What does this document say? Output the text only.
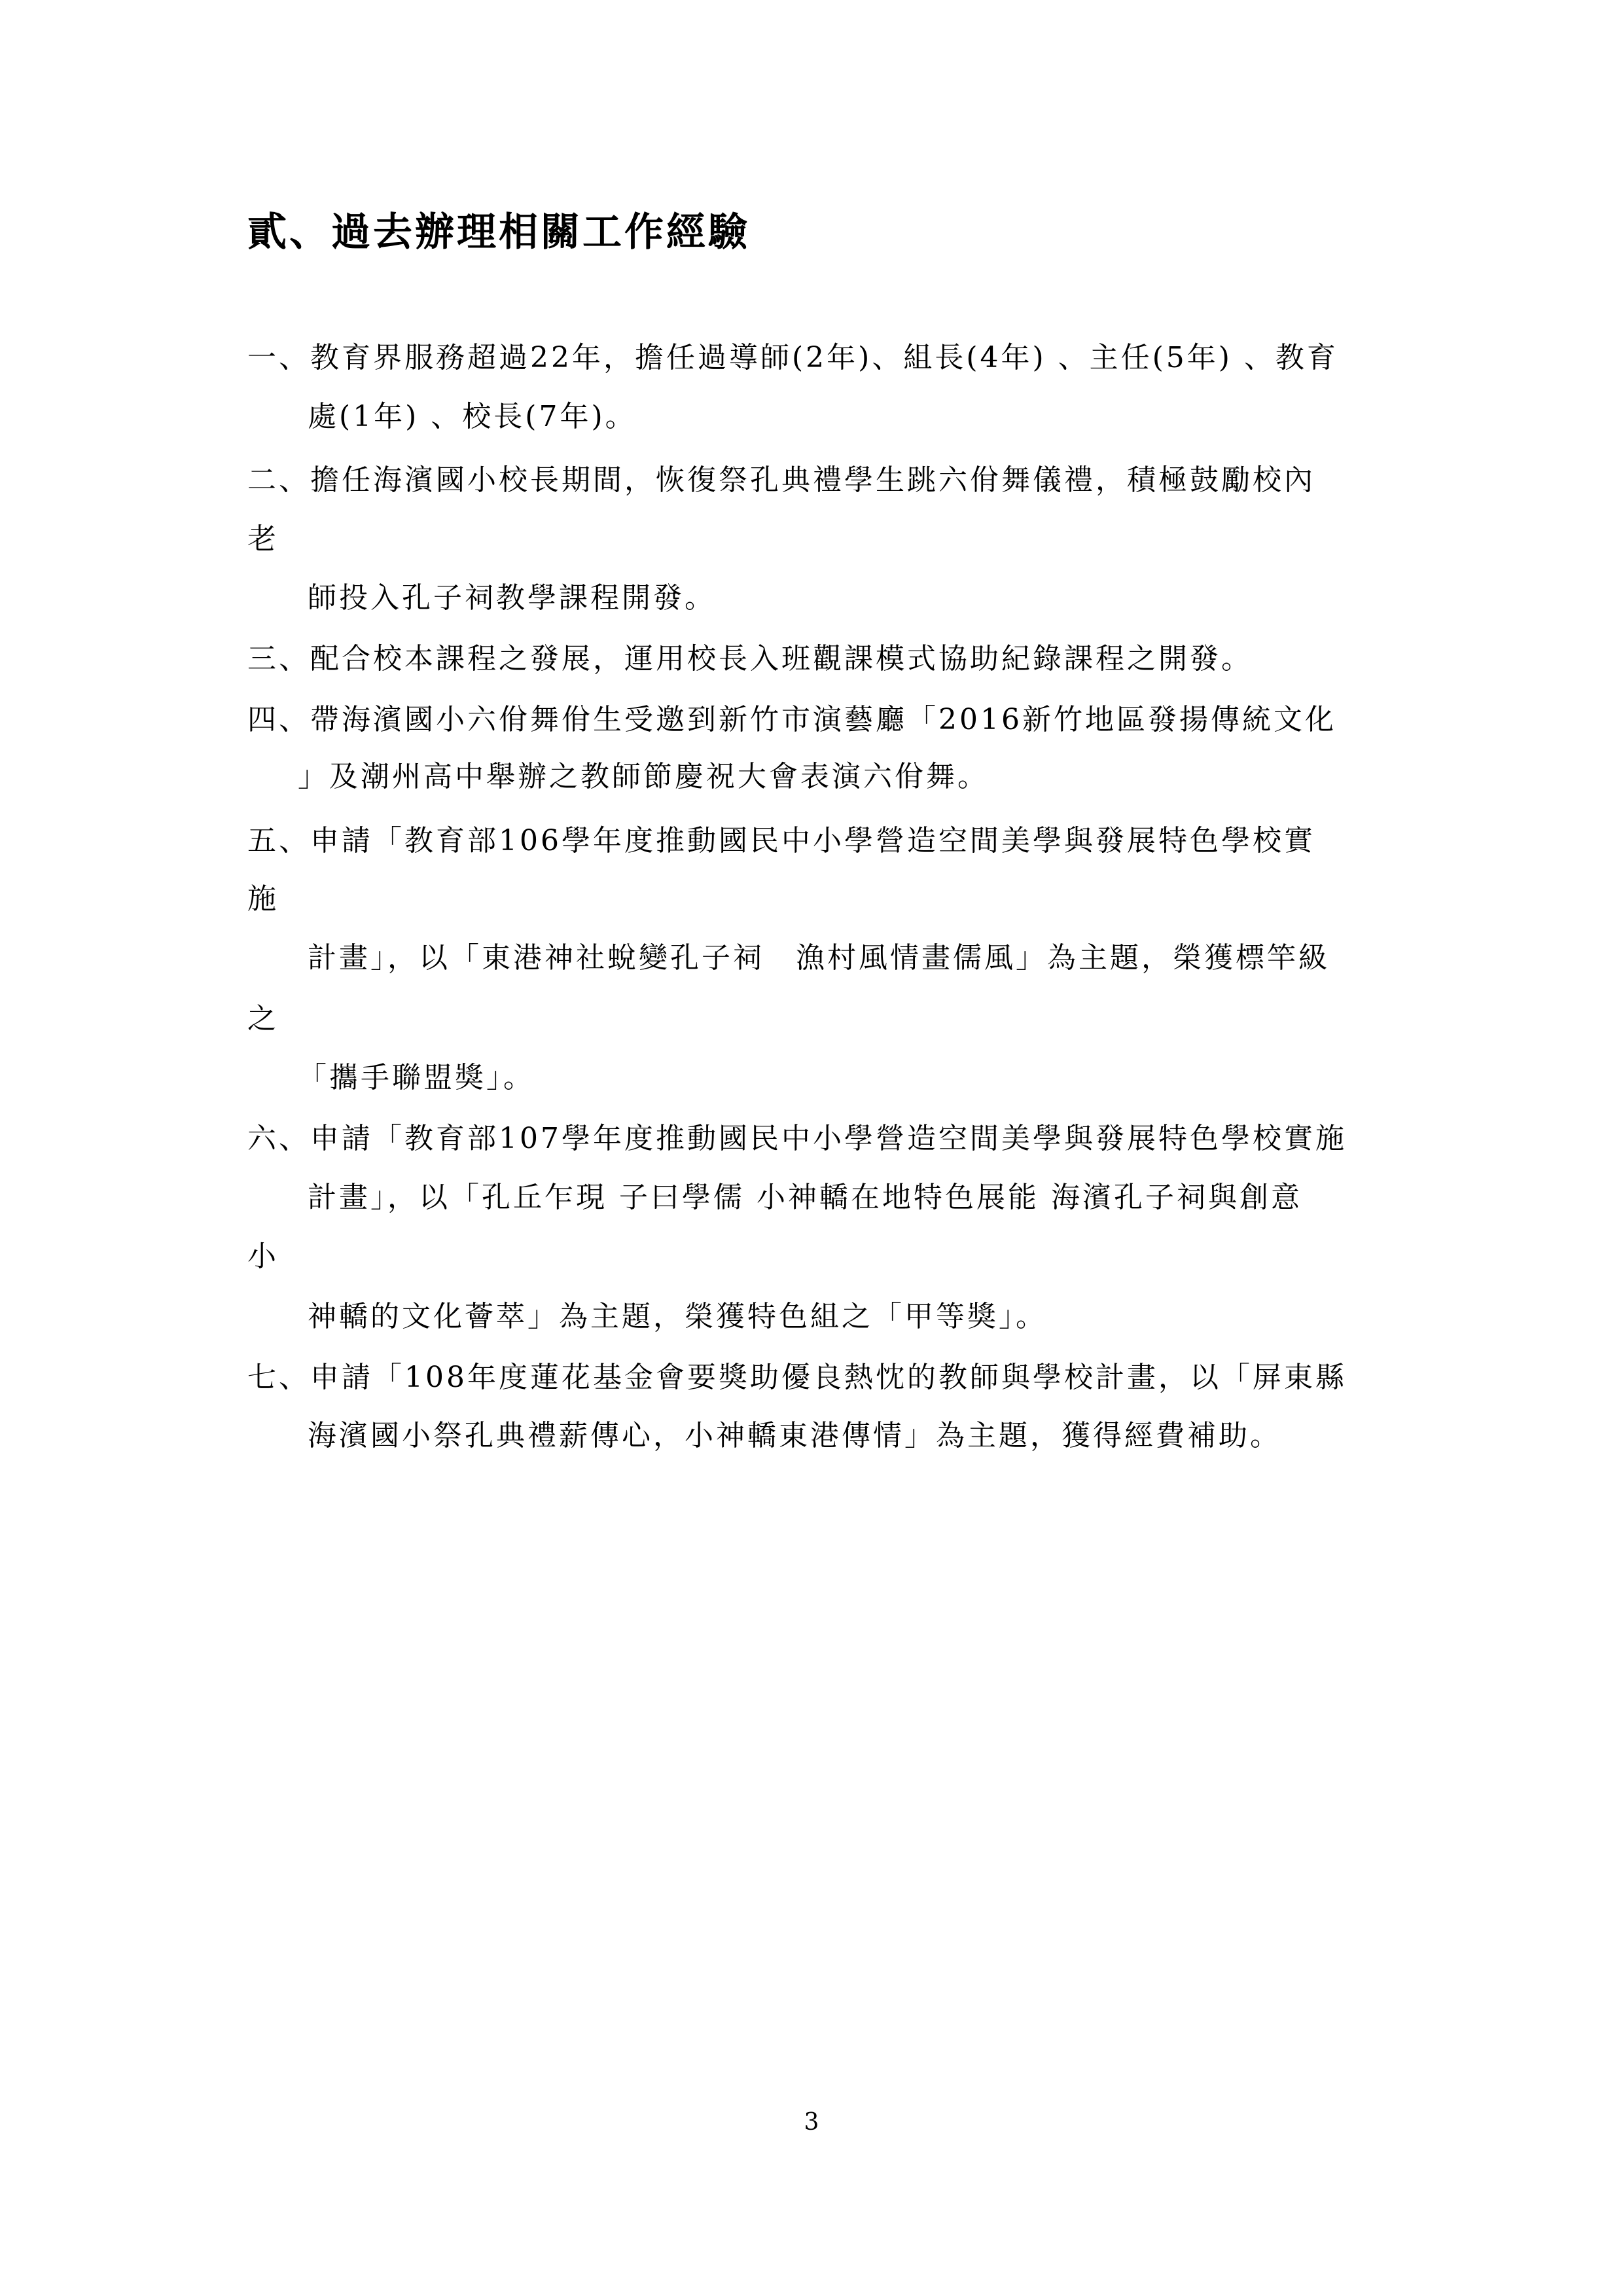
貳、過去辦理相關工作經驗
一、教育界服務超過22年，擔任過導師(2年)、組長(4年) 、主任(5年) 、教育
處(1年) 、校長(7年)。
二、擔任海濱國小校長期間，恢復祭孔典禮學生跳六佾舞儀禮，積極鼓勵校內
老
師投入孔子祠教學課程開發。
三、配合校本課程之發展，運用校長入班觀課模式協助紀錄課程之開發。
四、帶海濱國小六佾舞佾生受邀到新竹市演藝廳「2016新竹地區發揚傳統文化
」及潮州高中舉辦之教師節慶祝大會表演六佾舞。
五、申請「教育部106學年度推動國民中小學營造空間美學與發展特色學校實
施
計畫」，以「東港神社蛻變孔子祠　漁村風情畫儒風」為主題，榮獲標竿級
之
「攜手聯盟獎」。
六、申請「教育部107學年度推動國民中小學營造空間美學與發展特色學校實施
計畫」，以「孔丘乍現 子曰學儒 小神轎在地特色展能 海濱孔子祠與創意
小
神轎的文化薈萃」為主題，榮獲特色組之「甲等獎」。
七、申請「108年度蓮花基金會要獎助優良熱忱的教師與學校計畫，以「屏東縣
海濱國小祭孔典禮薪傳心，小神轎東港傳情」為主題，獲得經費補助。
3
